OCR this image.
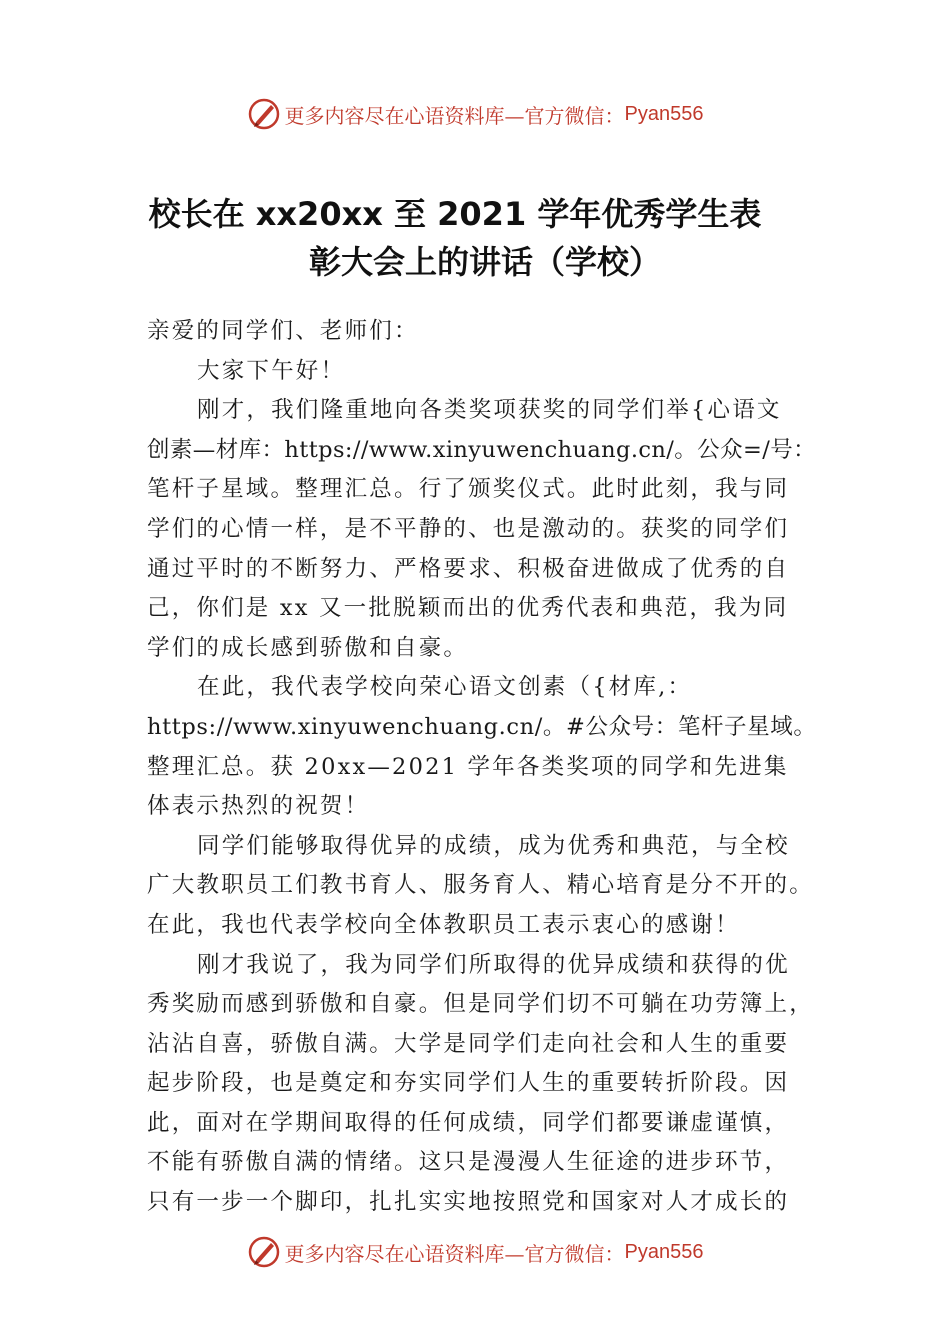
更多内容尽在心语资料库—官方微信： Pyan556
校长在 xx20xx 至 2021 学年优秀学生表
彰大会上的讲话（学校）
亲爱的同学们、老师们：
大家下午好！
刚才，我们隆重地向各类奖项获奖的同学们举{心语文
创素—材库：https://www.xinyuwenchuang.cn/。公众=/号：
笔杆子星域。整理汇总。行了颁奖仪式。此时此刻，我与同
学们的心情一样，是不平静的、也是激动的。获奖的同学们
通过平时的不断努力、严格要求、积极奋进做成了优秀的自
己，你们是 xx 又一批脱颖而出的优秀代表和典范，我为同
学们的成长感到骄傲和自豪。
在此，我代表学校向荣心语文创素（{材库,：
https://www.xinyuwenchuang.cn/。#公众号：笔杆子星域。
整理汇总。获 20xx—2021 学年各类奖项的同学和先进集
体表示热烈的祝贺！
同学们能够取得优异的成绩，成为优秀和典范，与全校
广大教职员工们教书育人、服务育人、精心培育是分不开的。
在此，我也代表学校向全体教职员工表示衷心的感谢！
刚才我说了，我为同学们所取得的优异成绩和获得的优
秀奖励而感到骄傲和自豪。但是同学们切不可躺在功劳簿上，
沾沾自喜，骄傲自满。大学是同学们走向社会和人生的重要
起步阶段，也是奠定和夯实同学们人生的重要转折阶段。因
此，面对在学期间取得的任何成绩，同学们都要谦虚谨慎，
不能有骄傲自满的情绪。这只是漫漫人生征途的进步环节，
只有一步一个脚印，扎扎实实地按照党和国家对人才成长的
更多内容尽在心语资料库—官方微信： Pyan556
